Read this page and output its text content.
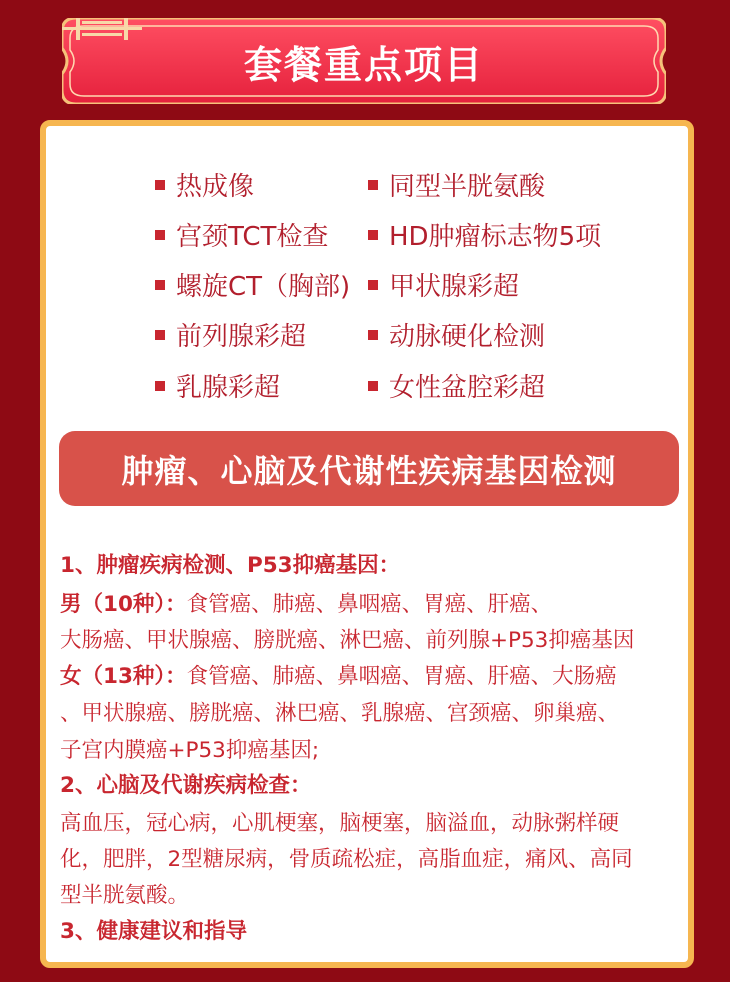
套餐重点项目
热成像
宫颈TCT检查
螺旋CT（胸部)
前列腺彩超
乳腺彩超
同型半胱氨酸
HD肿瘤标志物5项
甲状腺彩超
动脉硬化检测
女性盆腔彩超
肿瘤、心脑及代谢性疾病基因检测
1、肿瘤疾病检测、P53抑癌基因：
男（10种）：食管癌、肺癌、鼻咽癌、胃癌、肝癌、
大肠癌、甲状腺癌、膀胱癌、淋巴癌、前列腺+P53抑癌基因
女（13种）：食管癌、肺癌、鼻咽癌、胃癌、肝癌、大肠癌
、甲状腺癌、膀胱癌、淋巴癌、乳腺癌、宫颈癌、卵巢癌、
子宫内膜癌+P53抑癌基因;
2、心脑及代谢疾病检查：
高血压，冠心病，心肌梗塞，脑梗塞，脑溢血，动脉粥样硬
化，肥胖，2型糖尿病，骨质疏松症，高脂血症，痛风、高同
型半胱氨酸。
3、健康建议和指导
